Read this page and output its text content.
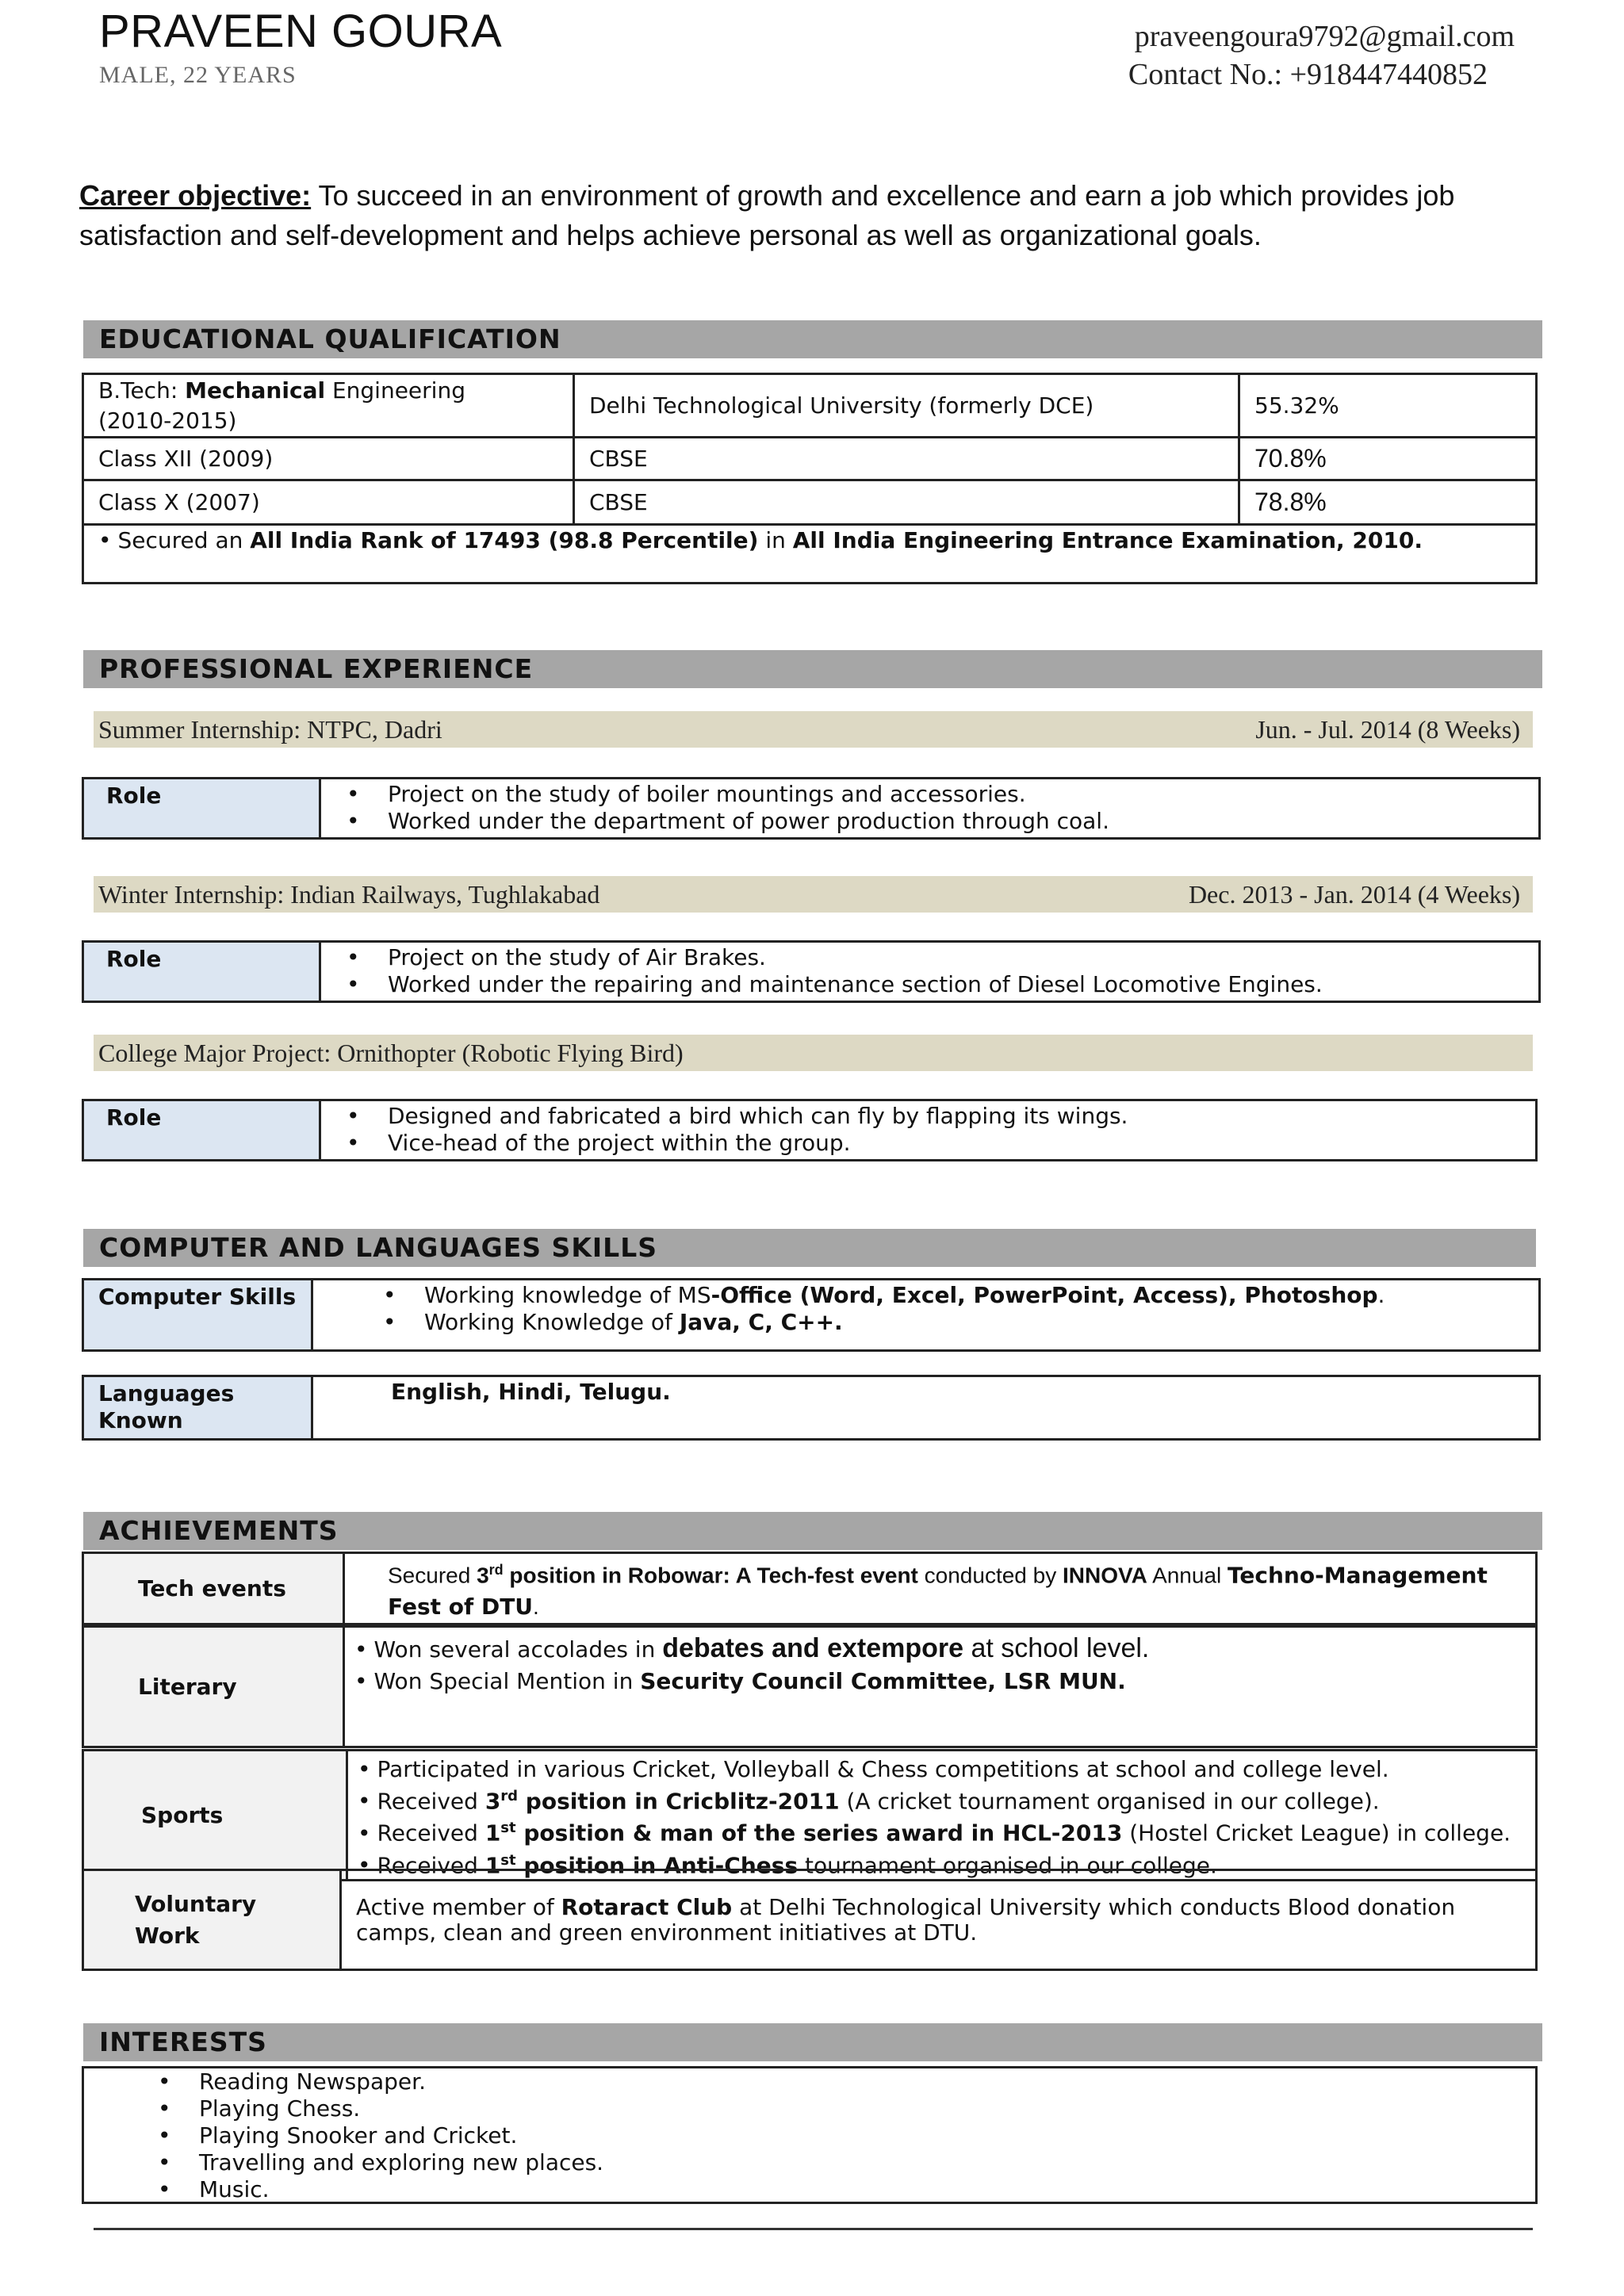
PRAVEEN GOURA
MALE, 22 YEARS
praveengoura9792@gmail.com
Contact No.: +918447440852
Career objective: To succeed in an environment of growth and excellence and earn a job which provides job satisfaction and self-development and helps achieve personal as well as organizational goals.
EDUCATIONAL QUALIFICATION
B.Tech: Mechanical Engineering
(2010-2015)	Delhi Technological University (formerly DCE)	55.32%
Class XII (2009)	CBSE	70.8%
Class X (2007)	CBSE	78.8%
• Secured an All India Rank of 17493 (98.8 Percentile) in All India Engineering Entrance Examination, 2010.
PROFESSIONAL EXPERIENCE
Summer Internship: NTPC, Dadri	Jun. - Jul. 2014 (8 Weeks)
Role	
•Project on the study of boiler mountings and accessories.
• Worked under the department of power production through coal.
Winter Internship: Indian Railways, Tughlakabad	Dec. 2013 - Jan. 2014 (4 Weeks)
Role	
•Project on the study of Air Brakes.
• Worked under the repairing and maintenance section of Diesel Locomotive Engines.
College Major Project: Ornithopter (Robotic Flying Bird)
Role	
•Designed and fabricated a bird which can fly by flapping its wings.
• Vice-head of the project within the group.
COMPUTER AND LANGUAGES SKILLS
Computer Skills	
•Working knowledge of MS-Office (Word, Excel, PowerPoint, Access), Photoshop.
• Working Knowledge of Java, C, C++.
Languages Known	English, Hindi, Telugu.
ACHIEVEMENTS
Tech events	Secured 3rd position in Robowar: A Tech-fest event conducted by INNOVA Annual Techno-Management Fest of DTU.
Literary	
• Won several accolades in debates and extempore at school level.
• Won Special Mention in Security Council Committee, LSR MUN.
Sports	
• Participated in various Cricket, Volleyball & Chess competitions at school and college level.
• Received 3rd position in Cricblitz-2011 (A cricket tournament organised in our college).
• Received 1st position & man of the series award in HCL-2013 (Hostel Cricket League) in college.
• Received 1st position in Anti-Chess tournament organised in our college.
Voluntary Work	Active member of Rotaract Club at Delhi Technological University which conducts Blood donation camps, clean and green environment initiatives at DTU.
INTERESTS
• Reading Newspaper.
• Playing Chess.
• Playing Snooker and Cricket.
• Travelling and exploring new places.
• Music.
